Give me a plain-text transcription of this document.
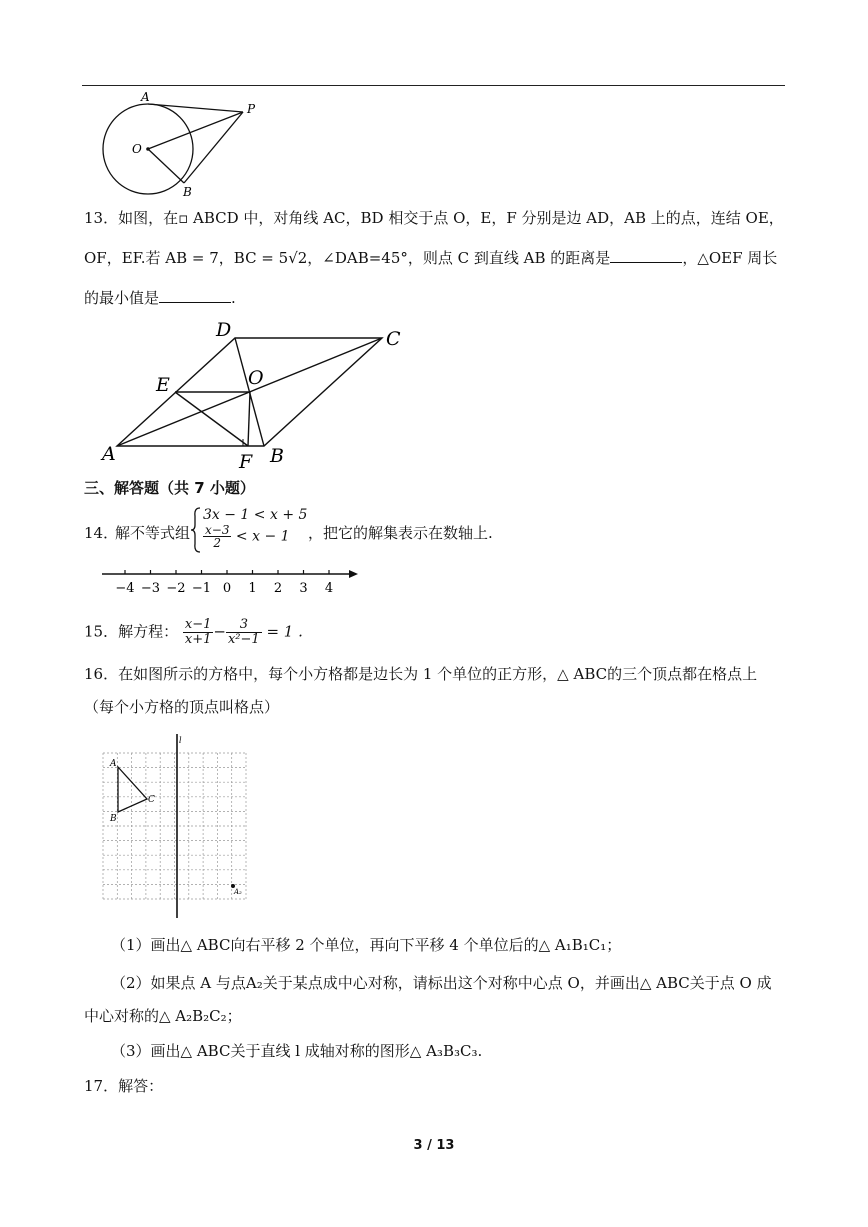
A
P
O
B
13．如图，在▫ ABCD 中，对角线 AC，BD 相交于点 O，E，F 分别是边 AD，AB 上的点，连结 OE，
OF，EF.若 AB = 7，BC = 5√2，∠DAB=45°，则点 C 到直线 AB 的距离是	，△OEF 周长
的最小值是	.
D	C
E	O
A	F B
三、解答题（共 7 小题）
14．
解不等式组
3x − 1 < x + 5
$\frac{x-3}{2} < x - 1$ ，把它的解集表示在数轴上.
−4 −3 −2 −1 0 1 2 3 4
15．解方程： $\frac{x-1}{x+1} - \frac{3}{\text{x²−1}} = 1$ .
16．在如图所示的方格中，每个小方格都是边长为 1 个单位的正方形，△ ABC的三个顶点都在格点上
（每个小方格的顶点叫格点）
l
A
B
C
A₂
（1）画出△ ABC向右平移 2 个单位，再向下平移 4 个单位后的△ A₁B₁C₁；
（2）如果点 A 与点A₂关于某点成中心对称，请标出这个对称中心点 O，并画出△ ABC关于点 O 成
中心对称的△ A₂B₂C₂；
（3）画出△ ABC关于直线 l 成轴对称的图形△ A₃B₃C₃.
17．解答：
3 / 13
